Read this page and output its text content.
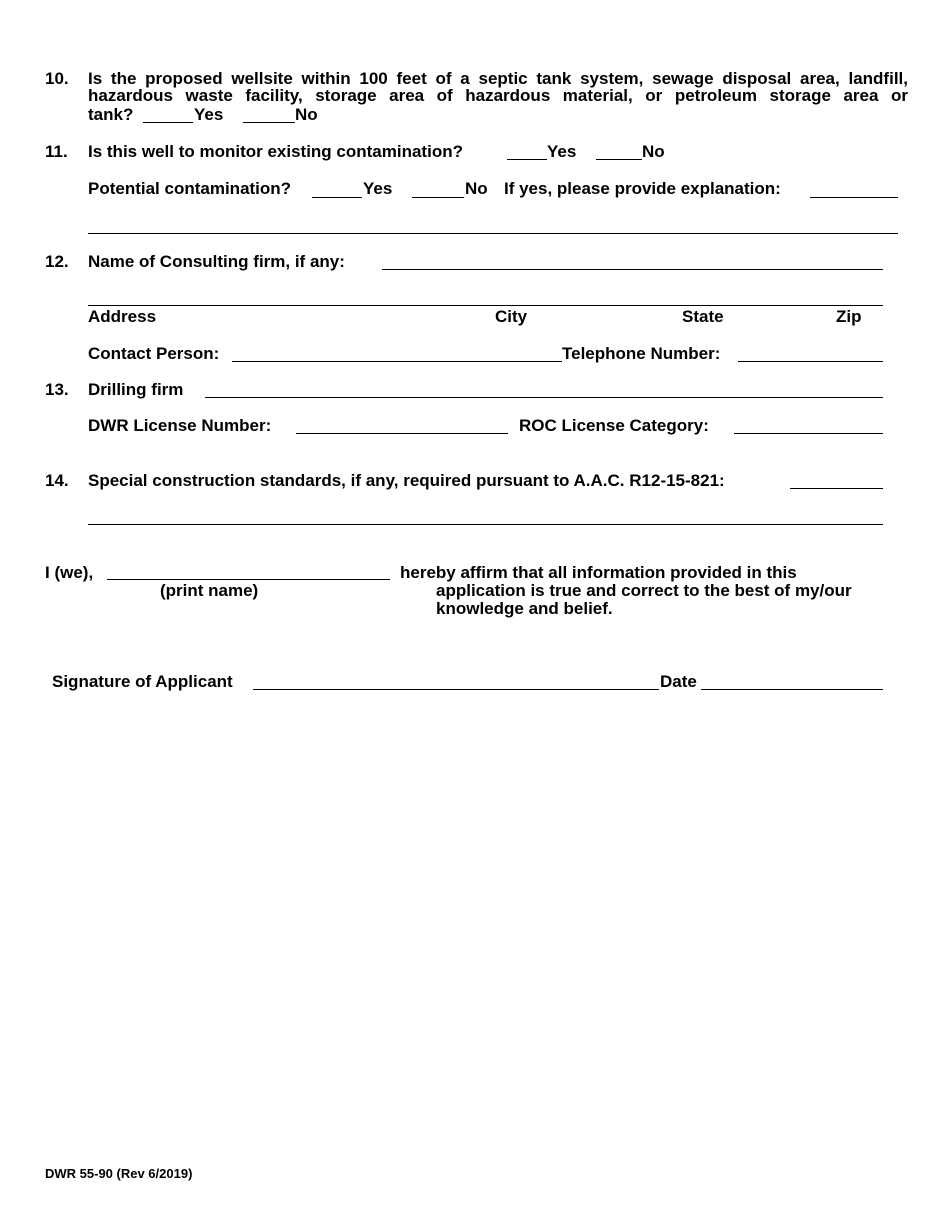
10. Is the proposed wellsite within 100 feet of a septic tank system, sewage disposal area, landfill, hazardous waste facility, storage area of hazardous material, or petroleum storage area or
tank?	Yes	No
11. Is this well to monitor existing contamination?	Yes	No
Potential contamination?	Yes	No If yes, please provide explanation:
12. Name of Consulting firm, if any:
Address	City	State	Zip
Contact Person:	Telephone Number:
13. Drilling firm
DWR License Number:	ROC License Category:
14. Special construction standards, if any, required pursuant to A.A.C. R12-15-821:
I (we),
(print name)
hereby affirm that all information provided in this
application is true and correct to the best of my/our
knowledge and belief.
Signature of Applicant	Date
DWR 55-90 (Rev 6/2019)
